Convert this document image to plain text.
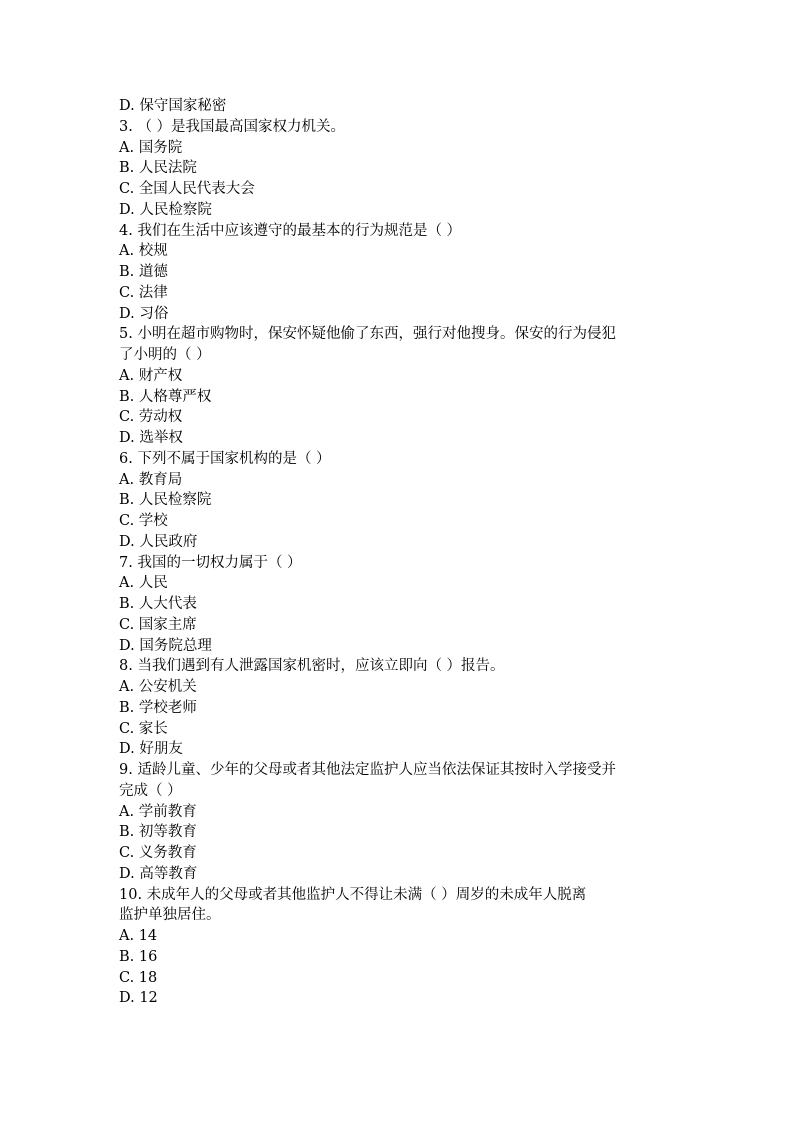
D. 保守国家秘密
3. （ ）是我国最高国家权力机关。
A. 国务院
B. 人民法院
C. 全国人民代表大会
D. 人民检察院
4. 我们在生活中应该遵守的最基本的行为规范是（ ）
A. 校规
B. 道德
C. 法律
D. 习俗
5. 小明在超市购物时，保安怀疑他偷了东西，强行对他搜身。保安的行为侵犯
了小明的（ ）
A. 财产权
B. 人格尊严权
C. 劳动权
D. 选举权
6. 下列不属于国家机构的是（ ）
A. 教育局
B. 人民检察院
C. 学校
D. 人民政府
7. 我国的一切权力属于（ ）
A. 人民
B. 人大代表
C. 国家主席
D. 国务院总理
8. 当我们遇到有人泄露国家机密时，应该立即向（ ）报告。
A. 公安机关
B. 学校老师
C. 家长
D. 好朋友
9. 适龄儿童、少年的父母或者其他法定监护人应当依法保证其按时入学接受并
完成（ ）
A. 学前教育
B. 初等教育
C. 义务教育
D. 高等教育
10. 未成年人的父母或者其他监护人不得让未满（ ）周岁的未成年人脱离
监护单独居住。
A. 14
B. 16
C. 18
D. 12
